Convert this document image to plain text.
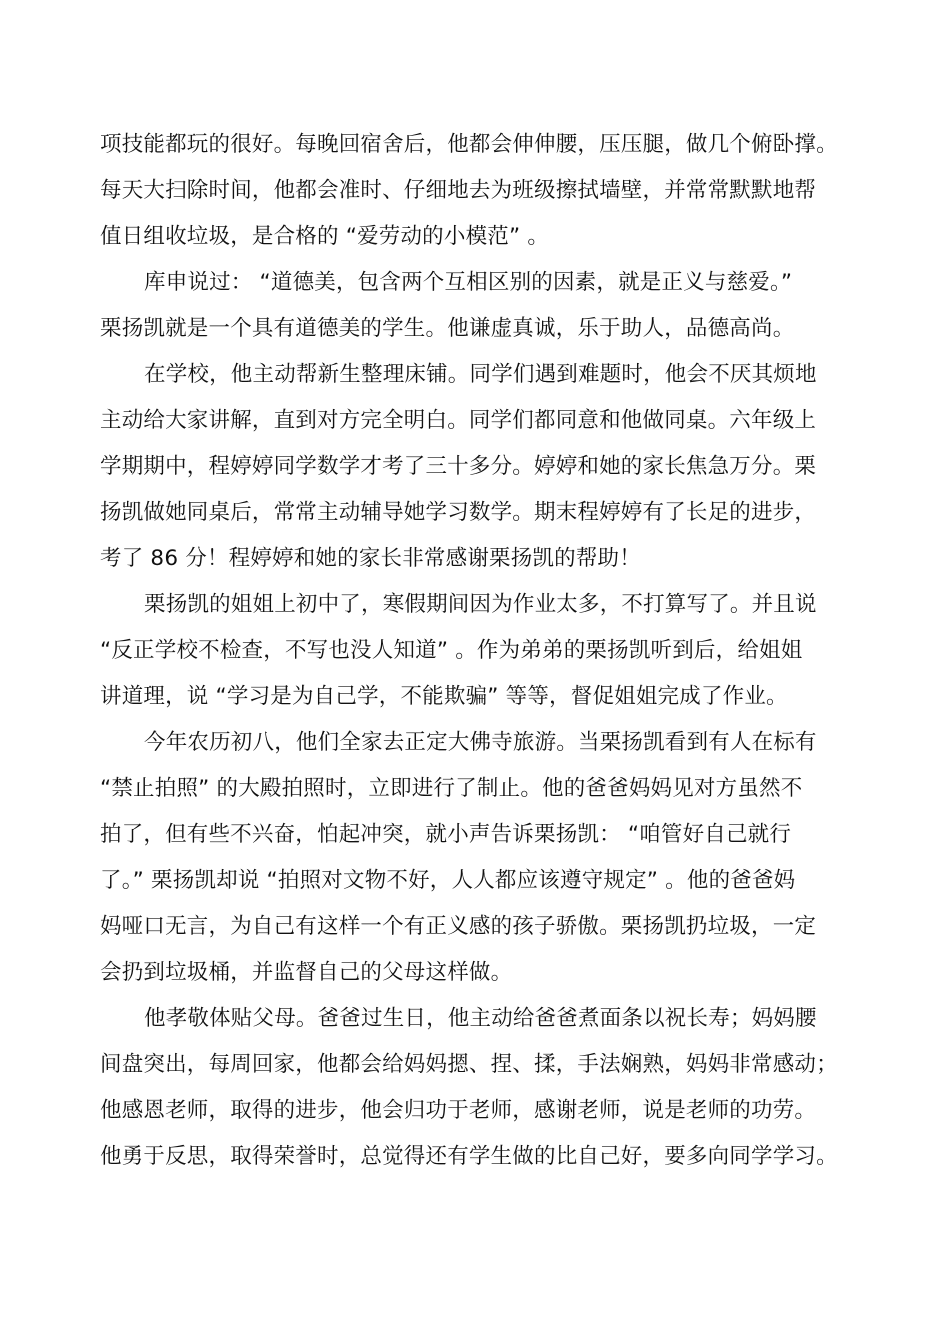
项技能都玩的很好。每晚回宿舍后，他都会伸伸腰，压压腿，做几个俯卧撑。
每天大扫除时间，他都会准时、仔细地去为班级擦拭墙壁，并常常默默地帮
值日组收垃圾，是合格的 “爱劳动的小模范” 。
库申说过： “道德美，包含两个互相区别的因素，就是正义与慈爱。”
栗扬凯就是一个具有道德美的学生。他谦虚真诚，乐于助人，品德高尚。
在学校，他主动帮新生整理床铺。同学们遇到难题时，他会不厌其烦地
主动给大家讲解，直到对方完全明白。同学们都同意和他做同桌。六年级上
学期期中，程婷婷同学数学才考了三十多分。婷婷和她的家长焦急万分。栗
扬凯做她同桌后，常常主动辅导她学习数学。期末程婷婷有了长足的进步，
考了 86 分！程婷婷和她的家长非常感谢栗扬凯的帮助！
栗扬凯的姐姐上初中了，寒假期间因为作业太多，不打算写了。并且说
“反正学校不检查，不写也没人知道” 。作为弟弟的栗扬凯听到后，给姐姐
讲道理，说 “学习是为自己学，不能欺骗” 等等，督促姐姐完成了作业。
今年农历初八，他们全家去正定大佛寺旅游。当栗扬凯看到有人在标有
“禁止拍照” 的大殿拍照时，立即进行了制止。他的爸爸妈妈见对方虽然不
拍了，但有些不兴奋，怕起冲突，就小声告诉栗扬凯： “咱管好自己就行
了。” 栗扬凯却说 “拍照对文物不好，人人都应该遵守规定” 。他的爸爸妈
妈哑口无言，为自己有这样一个有正义感的孩子骄傲。栗扬凯扔垃圾，一定
会扔到垃圾桶，并监督自己的父母这样做。
他孝敬体贴父母。爸爸过生日，他主动给爸爸煮面条以祝长寿；妈妈腰
间盘突出，每周回家，他都会给妈妈摁、捏、揉，手法娴熟，妈妈非常感动；
他感恩老师，取得的进步，他会归功于老师，感谢老师，说是老师的功劳。
他勇于反思，取得荣誉时，总觉得还有学生做的比自己好，要多向同学学习。
